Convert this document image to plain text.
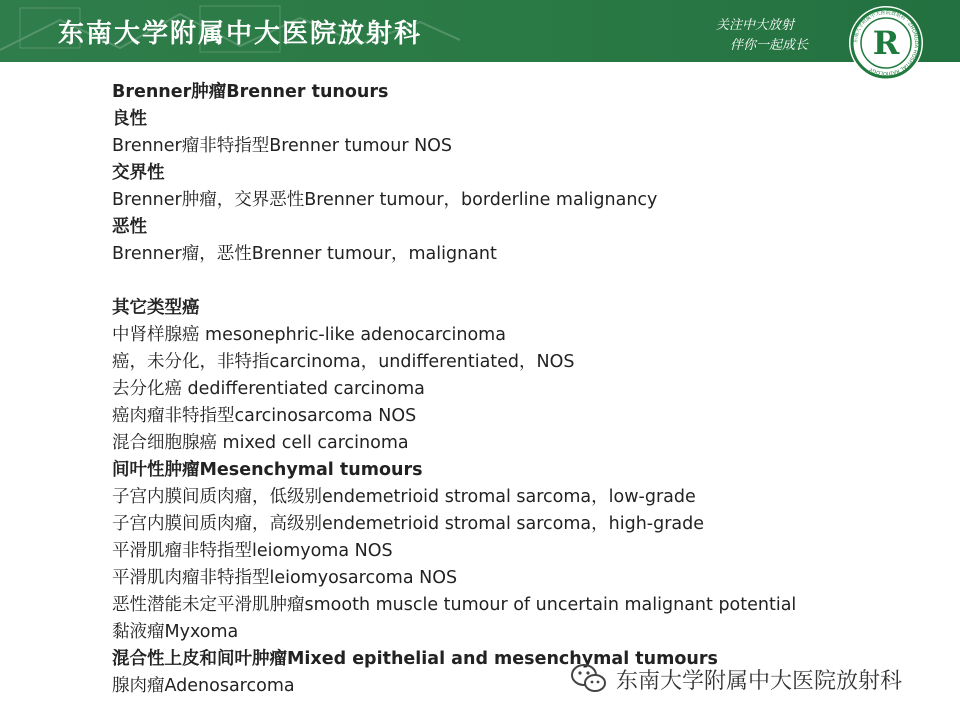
东南大学附属中大医院放射科	关注中大放射
伴你一起成长	东南大学附属中大医院放射科 · ZHONGDA HOSPITAL RADIOLOGY
R
Brenner肿瘤Brenner tunours
良性
Brenner瘤非特指型Brenner tumour NOS
交界性
Brenner肿瘤，交界恶性Brenner tumour，borderline malignancy
恶性
Brenner瘤，恶性Brenner tumour，malignant
其它类型癌
中肾样腺癌 mesonephric-like adenocarcinoma
癌，未分化，非特指carcinoma，undifferentiated，NOS
去分化癌 dedifferentiated carcinoma
癌肉瘤非特指型carcinosarcoma NOS
混合细胞腺癌 mixed cell carcinoma
间叶性肿瘤Mesenchymal tumours
子宫内膜间质肉瘤，低级别endemetrioid stromal sarcoma，low-grade
子宫内膜间质肉瘤，高级别endemetrioid stromal sarcoma，high-grade
平滑肌瘤非特指型leiomyoma NOS
平滑肌肉瘤非特指型leiomyosarcoma NOS
恶性潜能未定平滑肌肿瘤smooth muscle tumour of uncertain malignant potential
黏液瘤Myxoma
混合性上皮和间叶肿瘤Mixed epithelial and mesenchymal tumours
腺肉瘤Adenosarcoma	东南大学附属中大医院放射科
